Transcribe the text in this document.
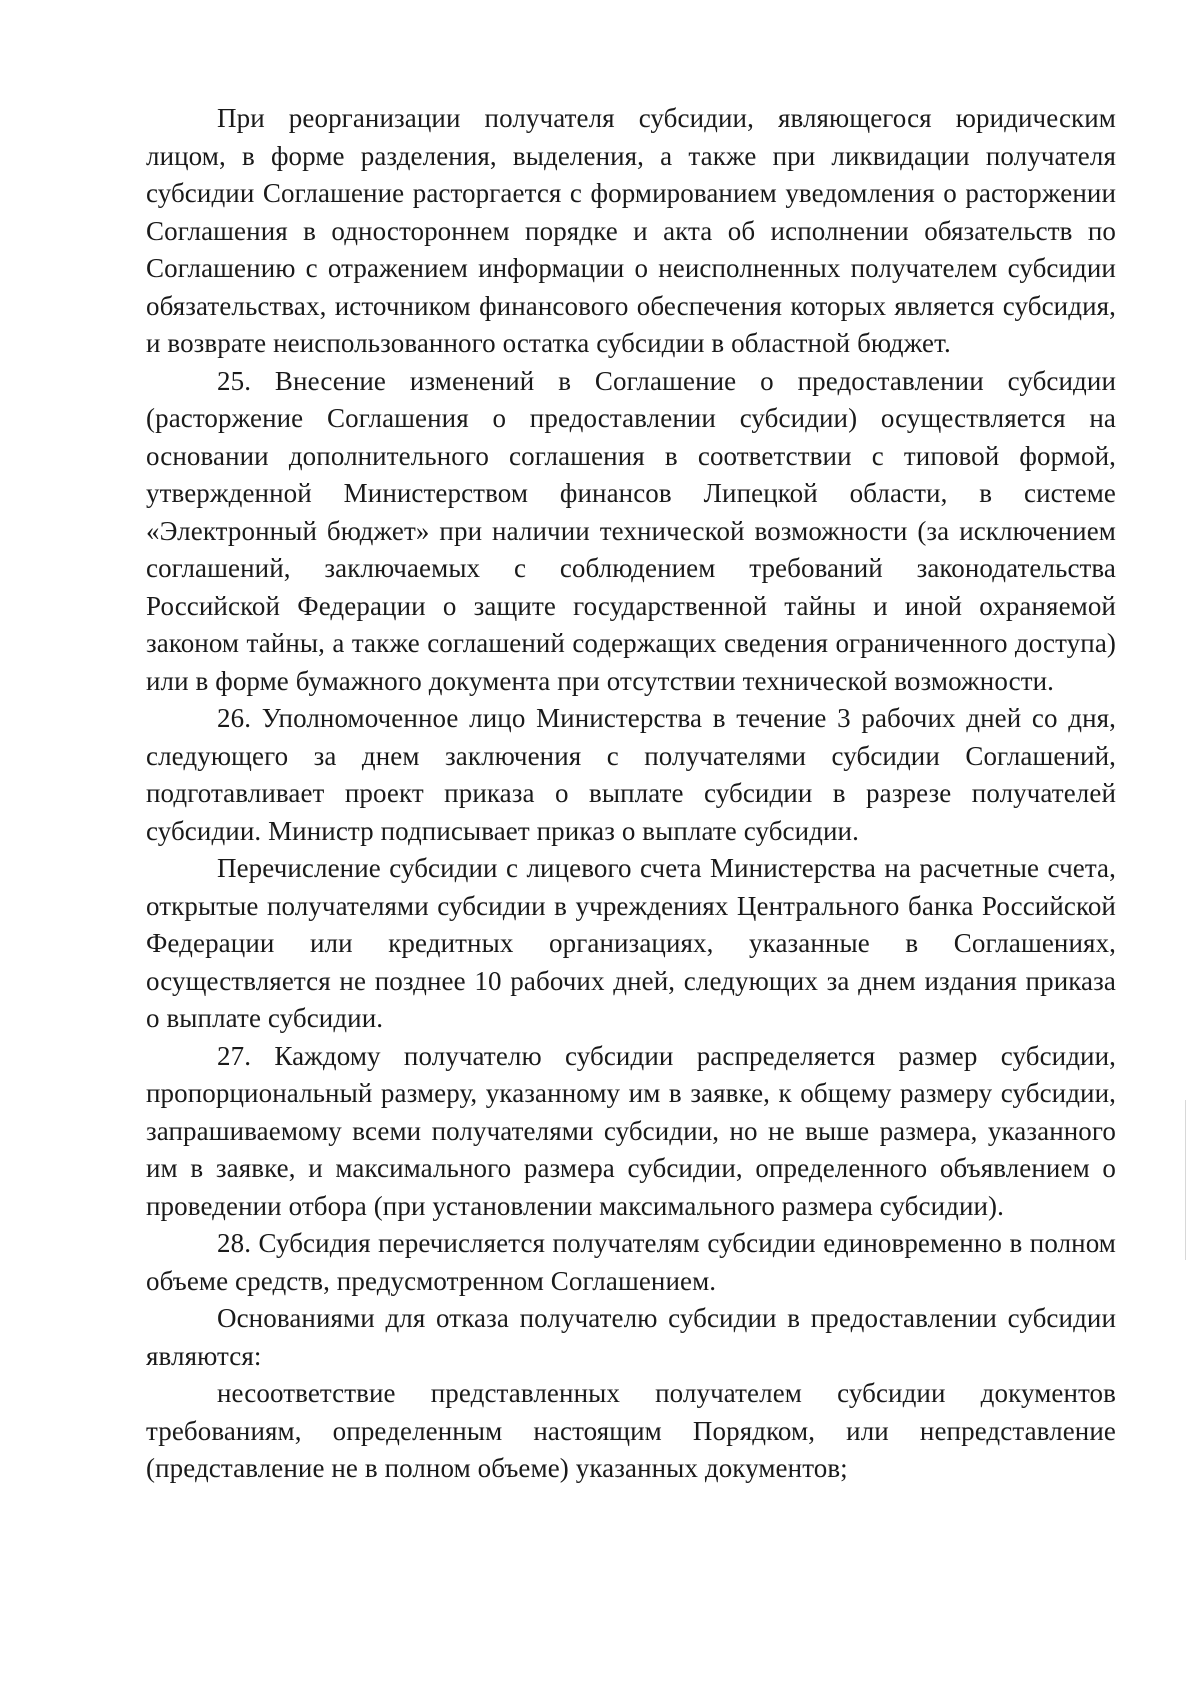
При реорганизации получателя субсидии, являющегося юридическим лицом, в форме разделения, выделения, а также при ликвидации получателя субсидии Соглашение расторгается с формированием уведомления о расторжении Соглашения в одностороннем порядке и акта об исполнении обязательств по Соглашению с отражением информации о неисполненных получателем субсидии обязательствах, источником финансового обеспечения которых является субсидия, и возврате неиспользованного остатка субсидии в областной бюджет.

25. Внесение изменений в Соглашение о предоставлении субсидии (расторжение Соглашения о предоставлении субсидии) осуществляется на основании дополнительного соглашения в соответствии с типовой формой, утвержденной Министерством финансов Липецкой области, в системе «Электронный бюджет» при наличии технической возможности (за исключением соглашений, заключаемых с соблюдением требований законодательства Российской Федерации о защите государственной тайны и иной охраняемой законом тайны, а также соглашений содержащих сведения ограниченного доступа) или в форме бумажного документа при отсутствии технической возможности.

26. Уполномоченное лицо Министерства в течение 3 рабочих дней со дня, следующего за днем заключения с получателями субсидии Соглашений, подготавливает проект приказа о выплате субсидии в разрезе получателей субсидии. Министр подписывает приказ о выплате субсидии.

Перечисление субсидии с лицевого счета Министерства на расчетные счета, открытые получателями субсидии в учреждениях Центрального банка Российской Федерации или кредитных организациях, указанные в Соглашениях, осуществляется не позднее 10 рабочих дней, следующих за днем издания приказа о выплате субсидии.

27. Каждому получателю субсидии распределяется размер субсидии, пропорциональный размеру, указанному им в заявке, к общему размеру субсидии, запрашиваемому всеми получателями субсидии, но не выше размера, указанного им в заявке, и максимального размера субсидии, определенного объявлением о проведении отбора (при установлении максимального размера субсидии).

28. Субсидия перечисляется получателям субсидии единовременно в полном объеме средств, предусмотренном Соглашением.

Основаниями для отказа получателю субсидии в предоставлении субсидии являются:

несоответствие представленных получателем субсидии документов требованиям, определенным настоящим Порядком, или непредставление (представление не в полном объеме) указанных документов;
